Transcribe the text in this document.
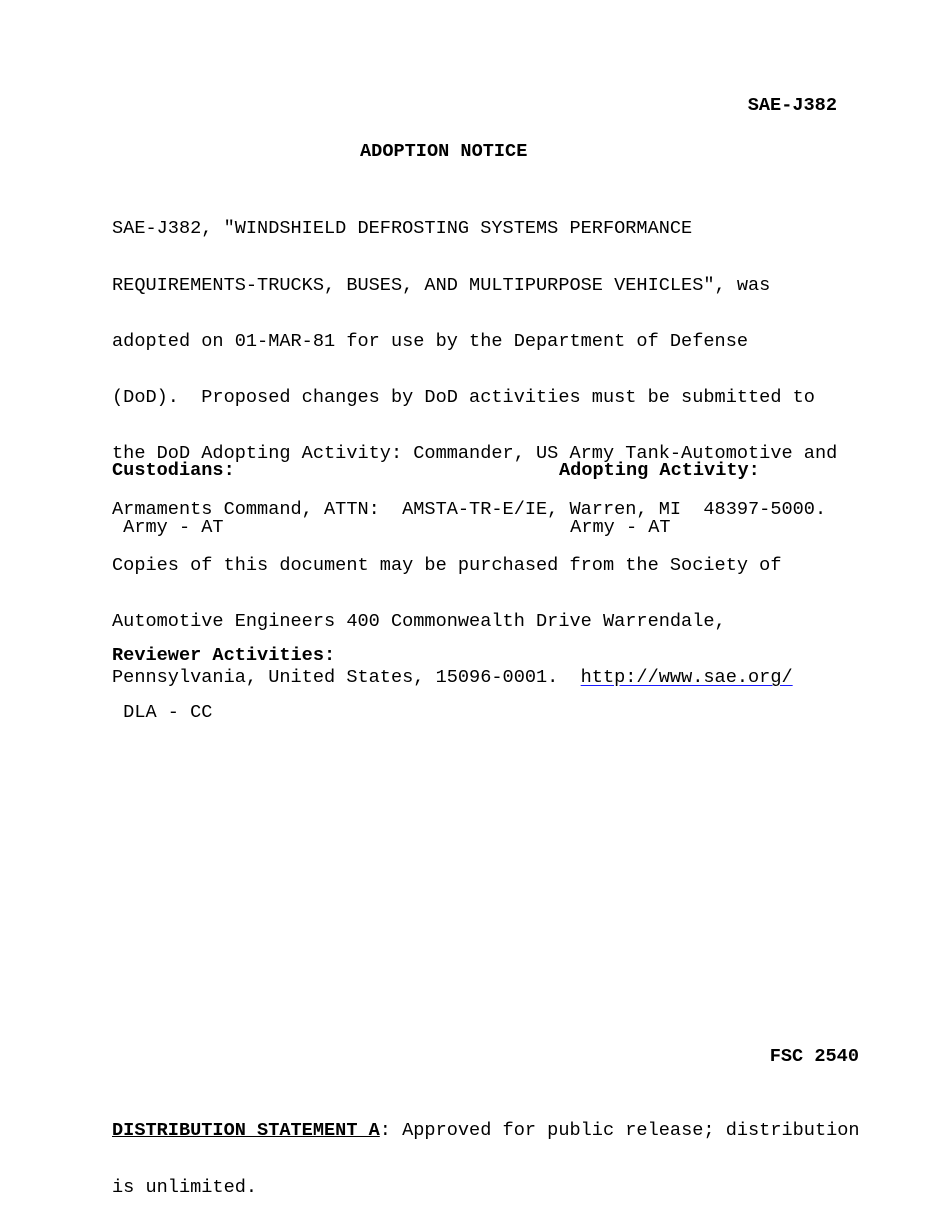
SAE-J382
ADOPTION NOTICE

SAE-J382, "WINDSHIELD DEFROSTING SYSTEMS PERFORMANCE

REQUIREMENTS-TRUCKS, BUSES, AND MULTIPURPOSE VEHICLES", was

adopted on 01-MAR-81 for use by the Department of Defense

(DoD).  Proposed changes by DoD activities must be submitted to

the DoD Adopting Activity: Commander, US Army Tank-Automotive and

Armaments Command, ATTN:  AMSTA-TR-E/IE, Warren, MI  48397-5000.

Copies of this document may be purchased from the Society of

Automotive Engineers 400 Commonwealth Drive Warrendale,

Pennsylvania, United States, 15096-0001.  http://www.sae.org/

Custodians:

Army - AT

Adopting Activity:

Army - AT

Reviewer Activities:

DLA - CC

FSC 2540

DISTRIBUTION STATEMENT A: Approved for public release; distribution

is unlimited.
